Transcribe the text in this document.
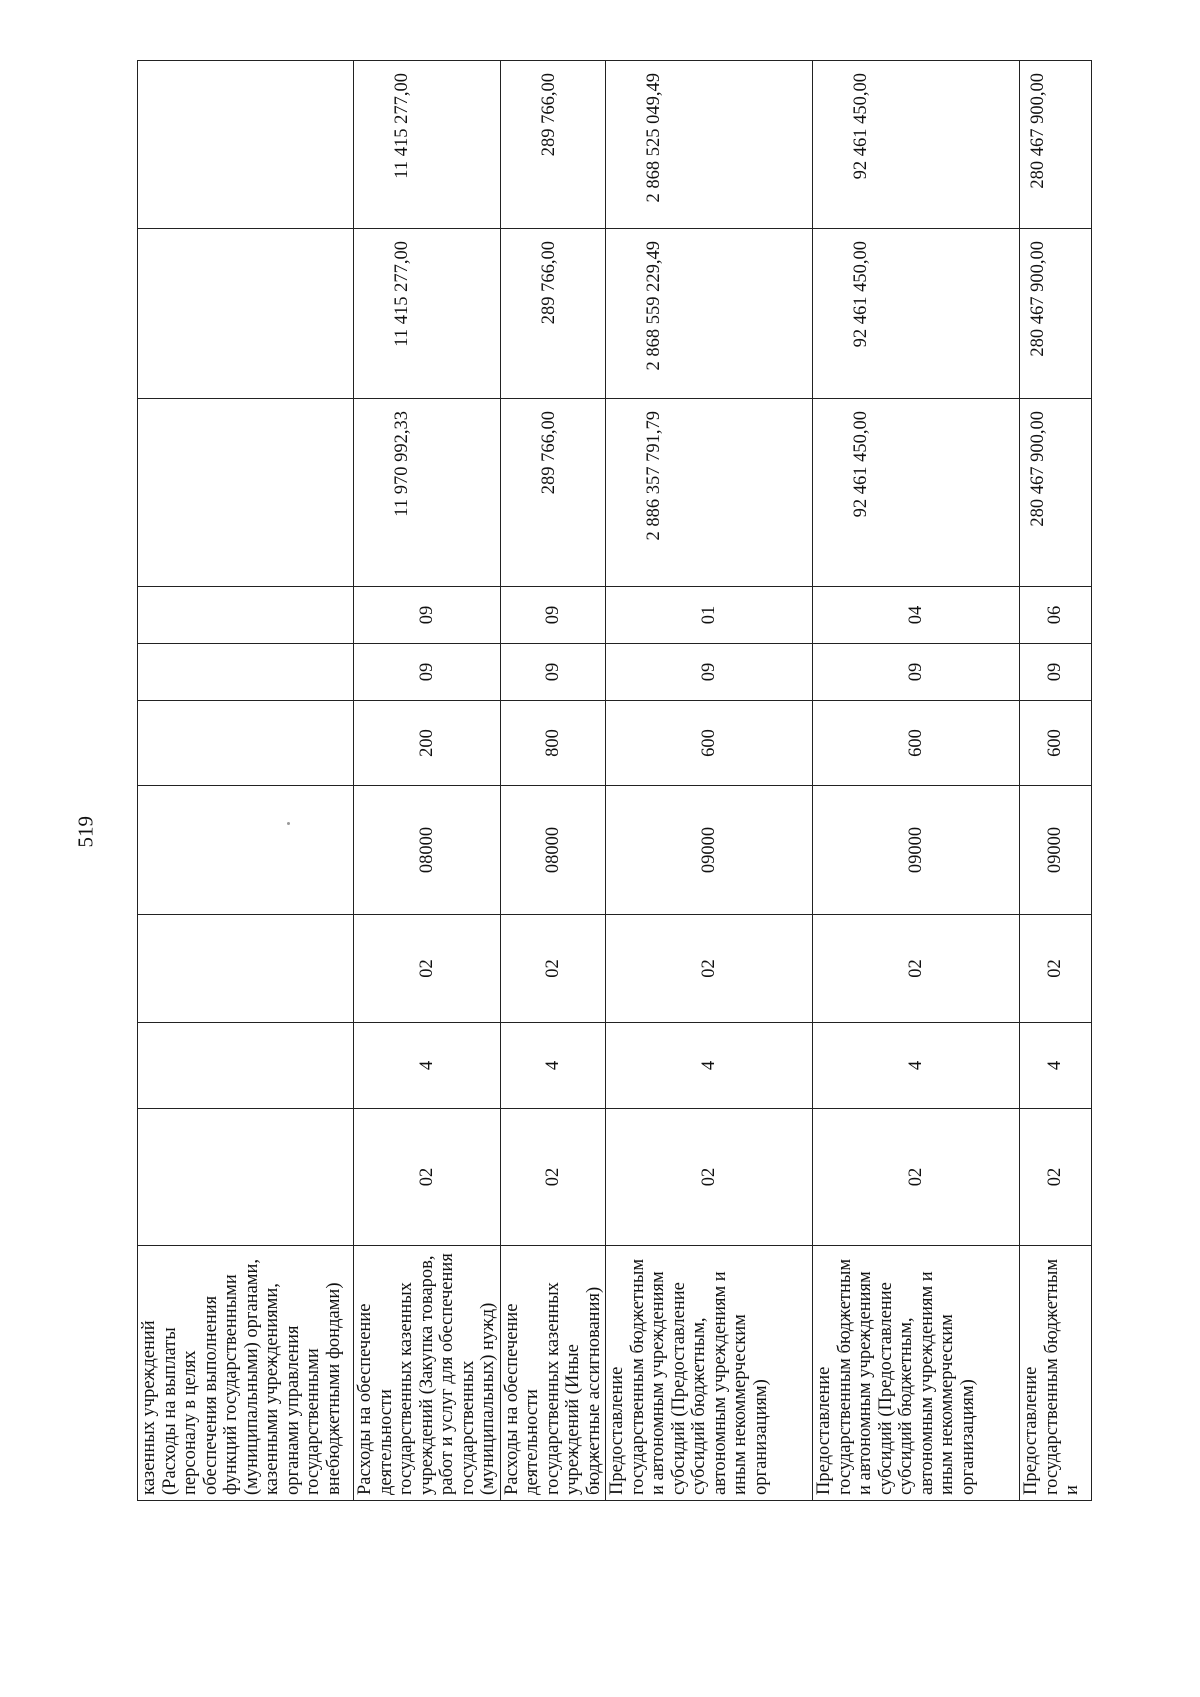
519
казенных учреждений (Расходы на выплаты персоналу в целях обеспечения выполнения функций государственными (муниципальными) органами, казенными учреждениями, органами управления государственными внебюджетными фондами)										
Расходы на обеспечение деятельности государственных казенных учреждений (Закупка товаров, работ и услуг для обеспечения государственных (муниципальных) нужд)	02	4	02	08000	200	09	09	11 970 992,33	11 415 277,00	11 415 277,00
Расходы на обеспечение деятельности государственных казенных учреждений (Иные бюджетные ассигнования)	02	4	02	08000	800	09	09	289 766,00	289 766,00	289 766,00
Предоставление государственным бюджетным и автономным учреждениям субсидий (Предоставление субсидий бюджетным, автономным учреждениям и иным некоммерческим организациям)	02	4	02	09000	600	09	01	2 886 357 791,79	2 868 559 229,49	2 868 525 049,49
Предоставление государственным бюджетным и автономным учреждениям субсидий (Предоставление субсидий бюджетным, автономным учреждениям и иным некоммерческим организациям)	02	4	02	09000	600	09	04	92 461 450,00	92 461 450,00	92 461 450,00
Предоставление государственным бюджетным и	02	4	02	09000	600	09	06	280 467 900,00	280 467 900,00	280 467 900,00
